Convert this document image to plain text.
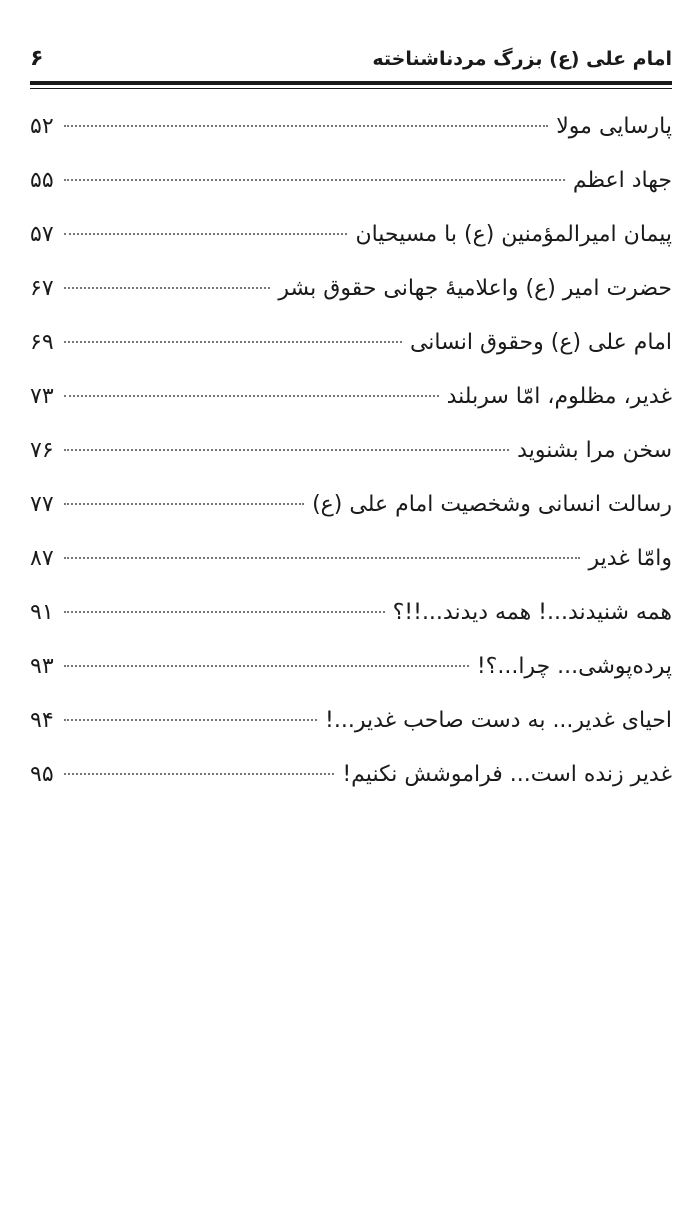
امام علی (ع) بزرگ مردناشناخته
۶
پارسایی مولا
۵۲
جهاد اعظم
۵۵
پیمان امیرالمؤمنین (ع) با مسیحیان
۵۷
حضرت امیر (ع) واعلامیهٔ جهانی حقوق بشر
۶۷
امام علی (ع) وحقوق انسانی
۶۹
غدیر، مظلوم، امّا سربلند
۷۳
سخن مرا بشنوید
۷۶
رسالت انسانی وشخصیت امام علی (ع)
۷۷
وامّا غدیر
۸۷
همه شنیدند...! همه دیدند...!!؟
۹۱
پرده‌پوشی... چرا...؟!
۹۳
احیای غدیر... به دست صاحب غدیر...!
۹۴
غدیر زنده است... فراموشش نکنیم!
۹۵
